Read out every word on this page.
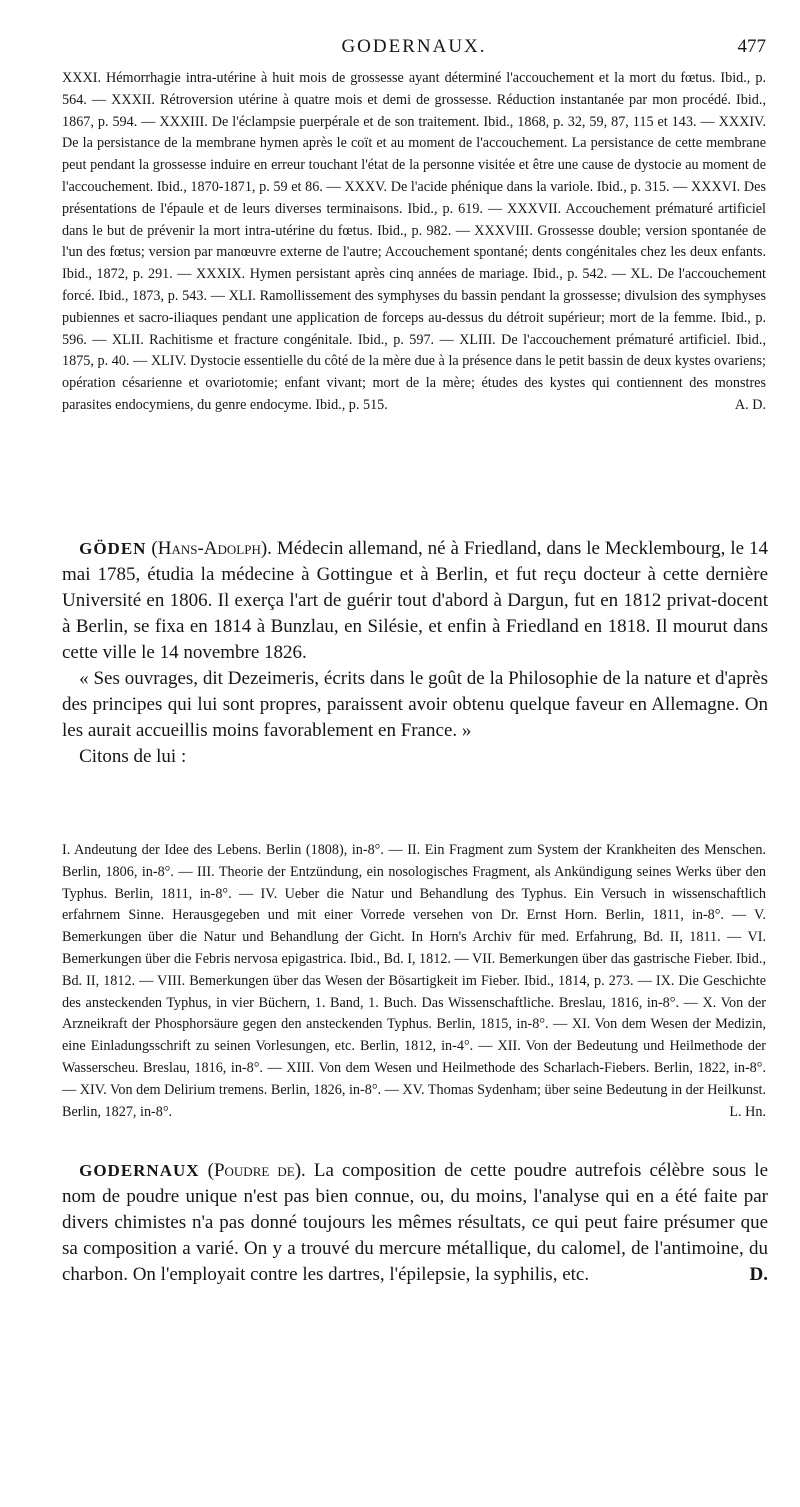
GODERNAUX.	477

XXXI. Hémorrhagie intra-utérine à huit mois de grossesse ayant déterminé l'accouchement et la mort du fœtus. Ibid., p. 564. — XXXII. Rétroversion utérine à quatre mois et demi de grossesse. Réduction instantanée par mon procédé. Ibid., 1867, p. 594. — XXXIII. De l'éclampsie puerpérale et de son traitement. Ibid., 1868, p. 32, 59, 87, 115 et 143. — XXXIV. De la persistance de la membrane hymen après le coït et au moment de l'accouchement. La persistance de cette membrane peut pendant la grossesse induire en erreur touchant l'état de la personne visitée et être une cause de dystocie au moment de l'accouchement. Ibid., 1870-1871, p. 59 et 86. — XXXV. De l'acide phénique dans la variole. Ibid., p. 315. — XXXVI. Des présentations de l'épaule et de leurs diverses terminaisons. Ibid., p. 619. — XXXVII. Accouchement prématuré artificiel dans le but de prévenir la mort intra-utérine du fœtus. Ibid., p. 982. — XXXVIII. Grossesse double; version spontanée de l'un des fœtus; version par manœuvre externe de l'autre; Accouchement spontané; dents congénitales chez les deux enfants. Ibid., 1872, p. 291. — XXXIX. Hymen persistant après cinq années de mariage. Ibid., p. 542. — XL. De l'accouchement forcé. Ibid., 1873, p. 543. — XLI. Ramollissement des symphyses du bassin pendant la grossesse; divulsion des symphyses pubiennes et sacro-iliaques pendant une application de forceps au-dessus du détroit supérieur; mort de la femme. Ibid., p. 596. — XLII. Rachitisme et fracture congénitale. Ibid., p. 597. — XLIII. De l'accouchement prématuré artificiel. Ibid., 1875, p. 40. — XLIV. Dystocie essentielle du côté de la mère due à la présence dans le petit bassin de deux kystes ovariens; opération césarienne et ovariotomie; enfant vivant; mort de la mère; études des kystes qui contiennent des monstres parasites endocymiens, du genre endocyme. Ibid., p. 515.	A. D.

GÖDEN (Hans-Adolph). Médecin allemand, né à Friedland, dans le Mecklembourg, le 14 mai 1785, étudia la médecine à Gottingue et à Berlin, et fut reçu docteur à cette dernière Université en 1806. Il exerça l'art de guérir tout d'abord à Dargun, fut en 1812 privat-docent à Berlin, se fixa en 1814 à Bunzlau, en Silésie, et enfin à Friedland en 1818. Il mourut dans cette ville le 14 novembre 1826.

« Ses ouvrages, dit Dezeimeris, écrits dans le goût de la Philosophie de la nature et d'après des principes qui lui sont propres, paraissent avoir obtenu quelque faveur en Allemagne. On les aurait accueillis moins favorablement en France. »

Citons de lui :

I. Andeutung der Idee des Lebens. Berlin (1808), in-8°. — II. Ein Fragment zum System der Krankheiten des Menschen. Berlin, 1806, in-8°. — III. Theorie der Entzündung, ein nosologisches Fragment, als Ankündigung seines Werks über den Typhus. Berlin, 1811, in-8°. — IV. Ueber die Natur und Behandlung des Typhus. Ein Versuch in wissenschaftlich erfahrnem Sinne. Herausgegeben und mit einer Vorrede versehen von Dr. Ernst Horn. Berlin, 1811, in-8°. — V. Bemerkungen über die Natur und Behandlung der Gicht. In Horn's Archiv für med. Erfahrung, Bd. II, 1811. — VI. Bemerkungen über die Febris nervosa epigastrica. Ibid., Bd. I, 1812. — VII. Bemerkungen über das gastrische Fieber. Ibid., Bd. II, 1812. — VIII. Bemerkungen über das Wesen der Bösartigkeit im Fieber. Ibid., 1814, p. 273. — IX. Die Geschichte des ansteckenden Typhus, in vier Büchern, 1. Band, 1. Buch. Das Wissenschaftliche. Breslau, 1816, in-8°. — X. Von der Arzneikraft der Phosphorsäure gegen den ansteckenden Typhus. Berlin, 1815, in-8°. — XI. Von dem Wesen der Medizin, eine Einladungsschrift zu seinen Vorlesungen, etc. Berlin, 1812, in-4°. — XII. Von der Bedeutung und Heilmethode der Wasserscheu. Breslau, 1816, in-8°. — XIII. Von dem Wesen und Heilmethode des Scharlach-Fiebers. Berlin, 1822, in-8°. — XIV. Von dem Delirium tremens. Berlin, 1826, in-8°. — XV. Thomas Sydenham; über seine Bedeutung in der Heilkunst. Berlin, 1827, in-8°.	L. Hn.

GODERNAUX (Poudre de). La composition de cette poudre autrefois célèbre sous le nom de poudre unique n'est pas bien connue, ou, du moins, l'analyse qui en a été faite par divers chimistes n'a pas donné toujours les mêmes résultats, ce qui peut faire présumer que sa composition a varié. On y a trouvé du mercure métallique, du calomel, de l'antimoine, du charbon. On l'employait contre les dartres, l'épilepsie, la syphilis, etc.	D.
